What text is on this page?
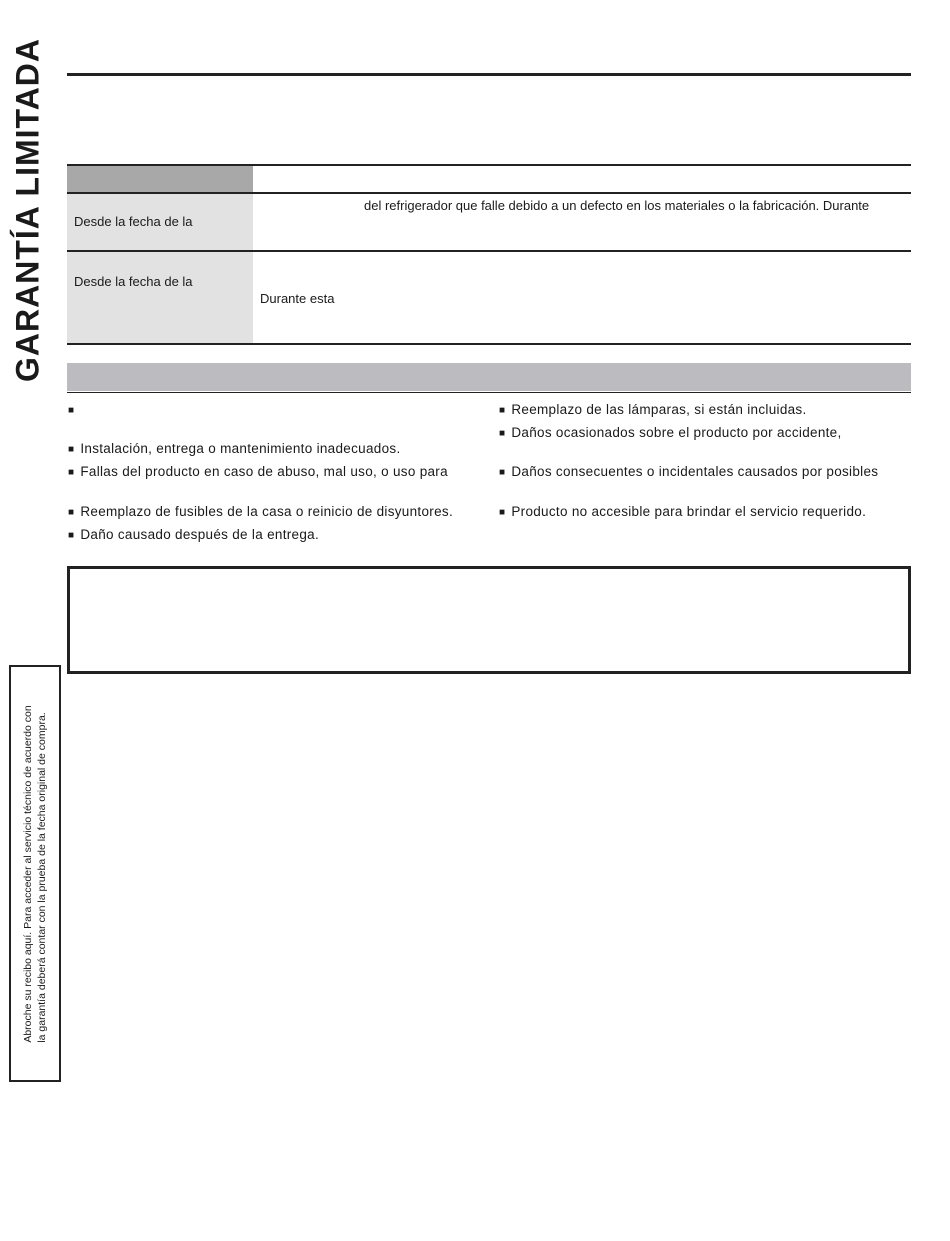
GARANTÍA LIMITADA Desde la fecha de la
del refrigerador que falle debido a un defecto en los materiales o la fabricación. Durante
Desde la fecha de la
Durante esta
■
■ Instalación, entrega o mantenimiento inadecuados.
■ Fallas del producto en caso de abuso, mal uso, o uso para
■ Reemplazo de fusibles de la casa o reinicio de disyuntores.
■ Daño causado después de la entrega.
■ Reemplazo de las lámparas, si están incluidas.
■ Daños ocasionados sobre el producto por accidente,
■ Daños consecuentes o incidentales causados por posibles
■ Producto no accesible para brindar el servicio requerido.
Abroche su recibo aquí. Para acceder al servicio técnico de acuerdo con la garantía deberá contar con la prueba de la fecha original de compra.
